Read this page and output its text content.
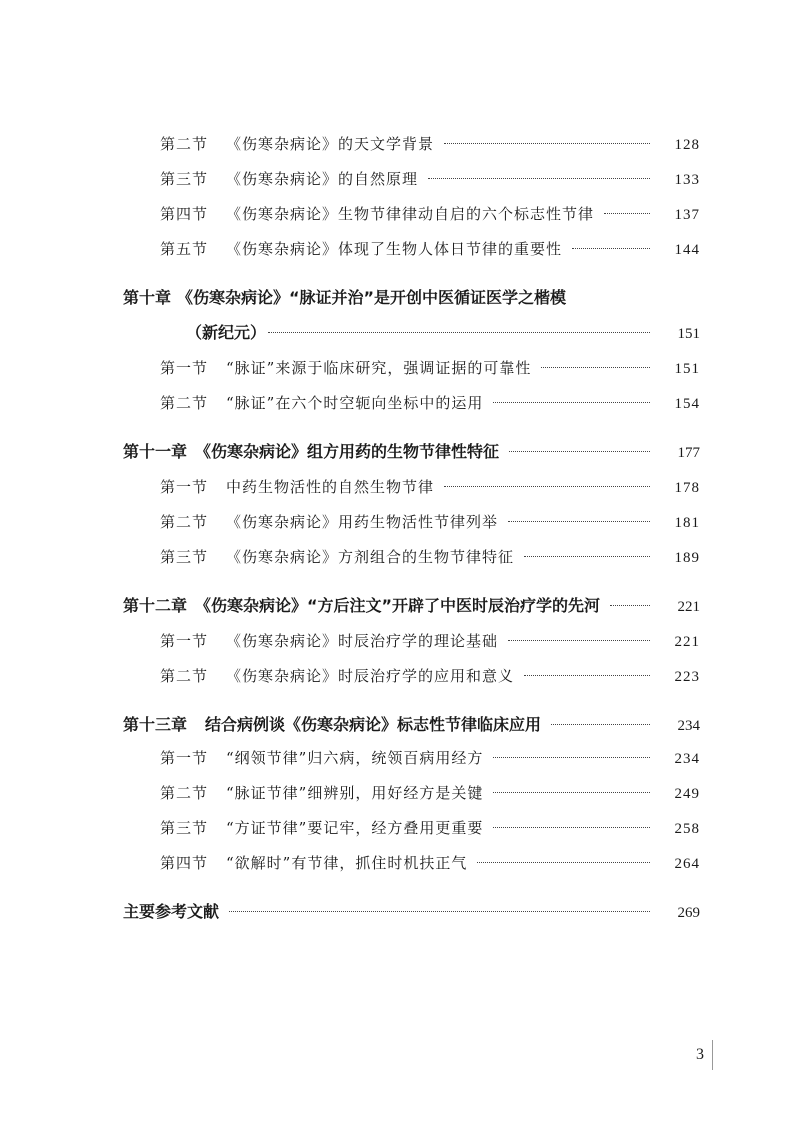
第二节 《伤寒杂病论》的天文学背景	128
第三节 《伤寒杂病论》的自然原理	133
第四节 《伤寒杂病论》生物节律律动自启的六个标志性节律	137
第五节 《伤寒杂病论》体现了生物人体日节律的重要性	144
第十章 《伤寒杂病论》“脉证并治”是开创中医循证医学之楷模
（新纪元）	151
第一节 “脉证”来源于临床研究，强调证据的可靠性	151
第二节 “脉证”在六个时空轭向坐标中的运用	154
第十一章 《伤寒杂病论》组方用药的生物节律性特征	177
第一节 中药生物活性的自然生物节律	178
第二节 《伤寒杂病论》用药生物活性节律列举	181
第三节 《伤寒杂病论》方剂组合的生物节律特征	189
第十二章 《伤寒杂病论》“方后注文”开辟了中医时辰治疗学的先河	221
第一节 《伤寒杂病论》时辰治疗学的理论基础	221
第二节 《伤寒杂病论》时辰治疗学的应用和意义	223
第十三章 结合病例谈《伤寒杂病论》标志性节律临床应用	234
第一节 “纲领节律”归六病，统领百病用经方	234
第二节 “脉证节律”细辨别，用好经方是关键	249
第三节 “方证节律”要记牢，经方叠用更重要	258
第四节 “欲解时”有节律，抓住时机扶正气	264
主要参考文献	269
3
